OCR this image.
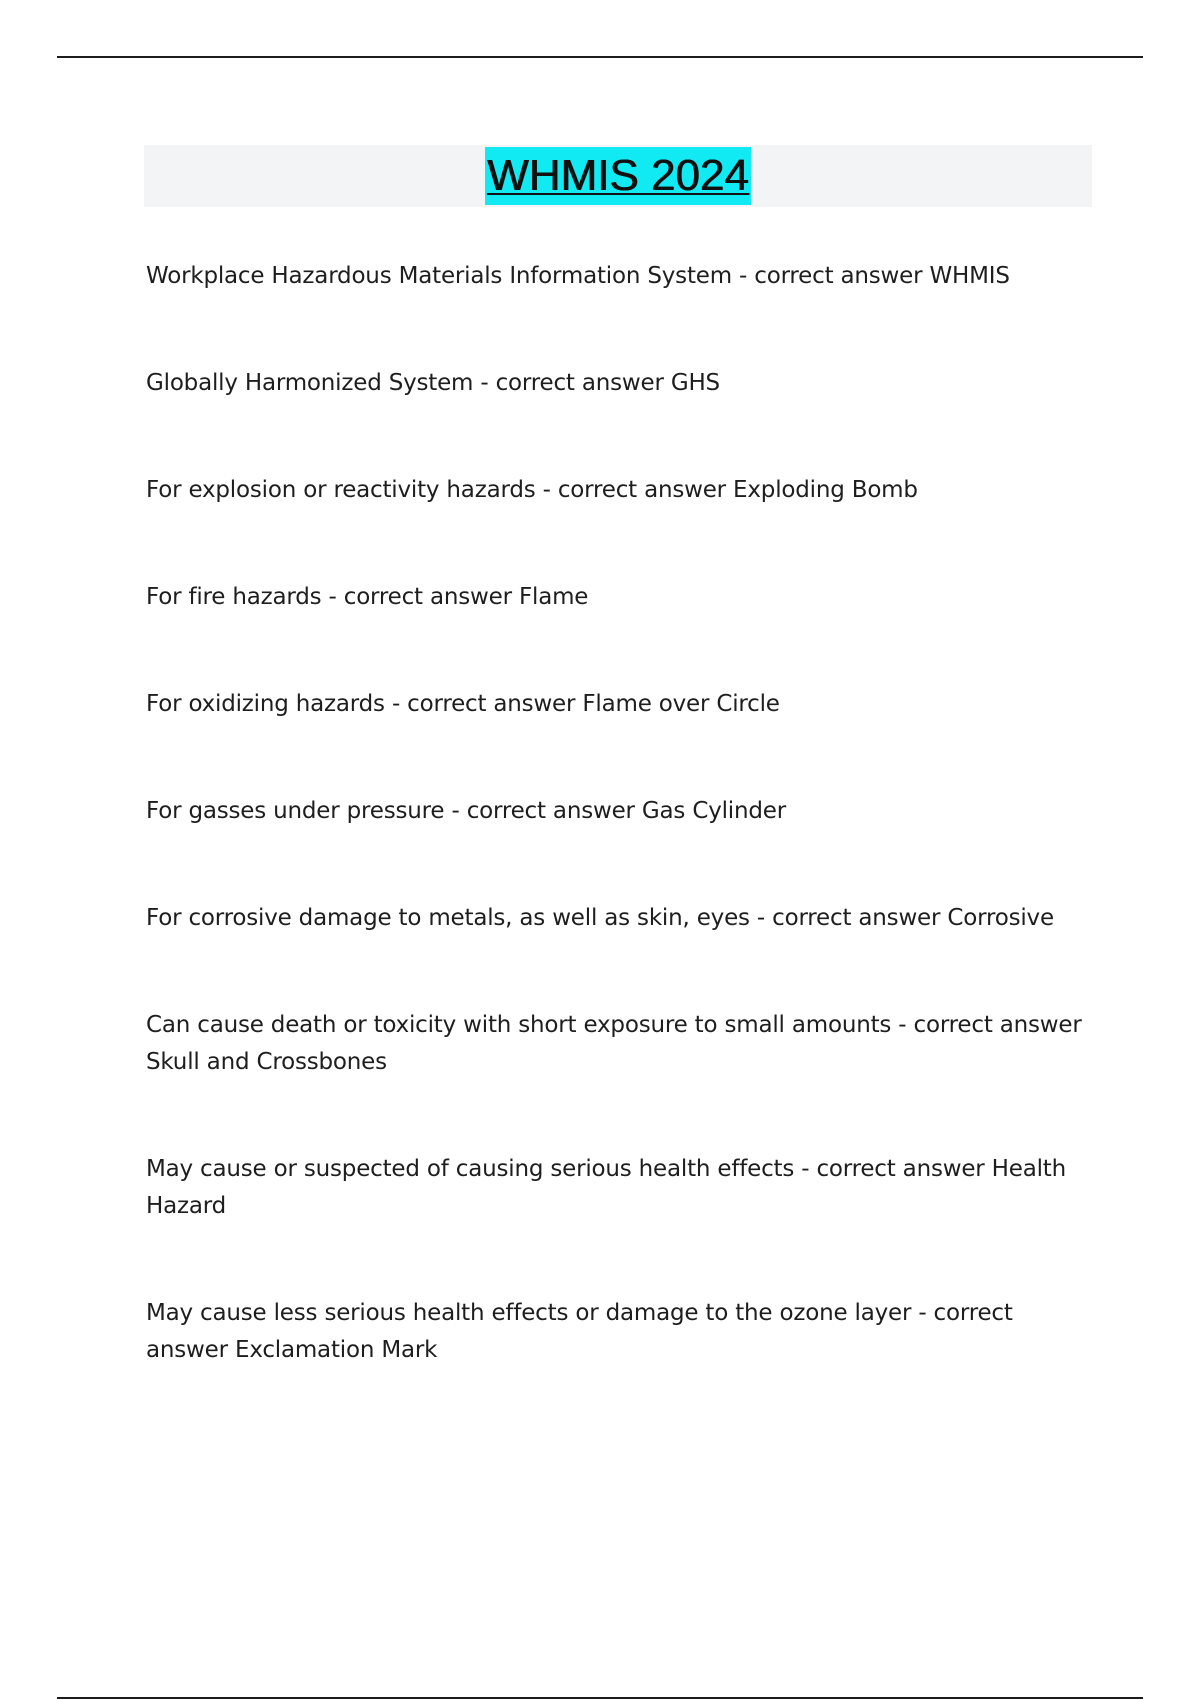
WHMIS 2024

Workplace Hazardous Materials Information System - correct answer WHMIS

Globally Harmonized System - correct answer GHS

For explosion or reactivity hazards - correct answer Exploding Bomb

For fire hazards - correct answer Flame

For oxidizing hazards - correct answer Flame over Circle

For gasses under pressure - correct answer Gas Cylinder

For corrosive damage to metals, as well as skin, eyes - correct answer Corrosive

Can cause death or toxicity with short exposure to small amounts - correct answer Skull and Crossbones

May cause or suspected of causing serious health effects - correct answer Health Hazard

May cause less serious health effects or damage to the ozone layer - correct answer Exclamation Mark
